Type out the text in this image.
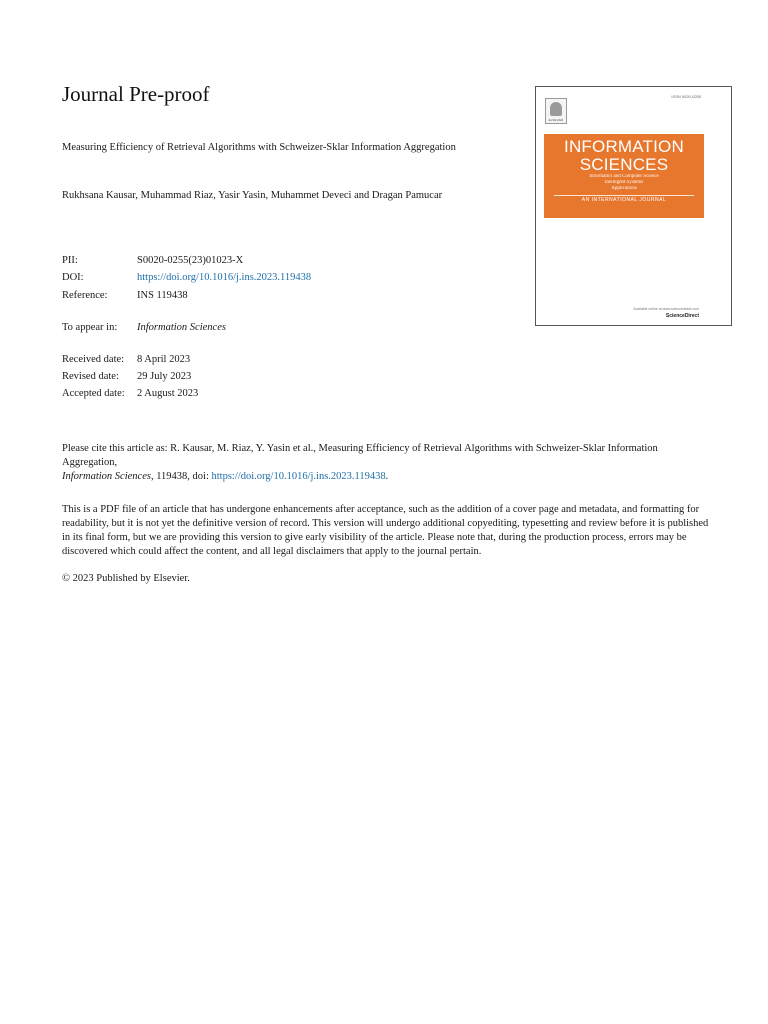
Journal Pre-proof
Measuring Efficiency of Retrieval Algorithms with Schweizer-Sklar Information Aggregation
Rukhsana Kausar, Muhammad Riaz, Yasir Yasin, Muhammet Deveci and Dragan Pamucar
PII:	S0020-0255(23)01023-X
DOI:	https://doi.org/10.1016/j.ins.2023.119438
Reference:	INS 119438
To appear in: Information Sciences
Received date: 8 April 2023
Revised date: 29 July 2023
Accepted date: 2 August 2023

Please cite this article as: R. Kausar, M. Riaz, Y. Yasin et al., Measuring Efficiency of Retrieval Algorithms with Schweizer-Sklar Information Aggregation,
Information Sciences, 119438, doi: https://doi.org/10.1016/j.ins.2023.119438.

This is a PDF file of an article that has undergone enhancements after acceptance, such as the addition of a cover page and metadata, and formatting for readability, but it is not yet the definitive version of record. This version will undergo additional copyediting, typesetting and review before it is published in its final form, but we are providing this version to give early visibility of the article. Please note that, during the production process, errors may be discovered which could affect the content, and all legal disclaimers that apply to the journal pertain.

© 2023 Published by Elsevier.

ISSN 0020-0255
ELSEVIER
INFORMATION
SCIENCES
Informatics and Computer Science
Intelligent Systems
Applications
AN INTERNATIONAL JOURNAL
Available online at www.sciencedirect.com
ScienceDirect
